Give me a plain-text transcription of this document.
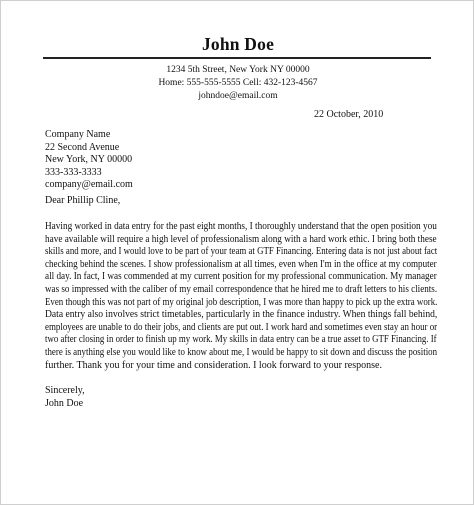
John Doe
1234 5th Street, New York NY 00000
Home: 555-555-5555 Cell: 432-123-4567
johndoe@email.com
22 October, 2010
Company Name
22 Second Avenue
New York, NY 00000
333-333-3333
company@email.com
Dear Phillip Cline,
Having worked in data entry for the past eight months, I thoroughly understand that the open position you
have available will require a high level of professionalism along with a hard work ethic. I bring both these
skills and more, and I would love to be part of your team at GTF Financing. Entering data is not just about fact
checking behind the scenes. I show professionalism at all times, even when I'm in the office at my computer
all day. In fact, I was commended at my current position for my professional communication. My manager
was so impressed with the caliber of my email correspondence that he hired me to draft letters to his clients.
Even though this was not part of my original job description, I was more than happy to pick up the extra work.
Data entry also involves strict timetables, particularly in the finance industry. When things fall behind,
employees are unable to do their jobs, and clients are put out. I work hard and sometimes even stay an hour or
two after closing in order to finish up my work. My skills in data entry can be a true asset to GTF Financing. If
there is anything else you would like to know about me, I would be happy to sit down and discuss the position
further. Thank you for your time and consideration. I look forward to your response.
Sincerely,
John Doe
